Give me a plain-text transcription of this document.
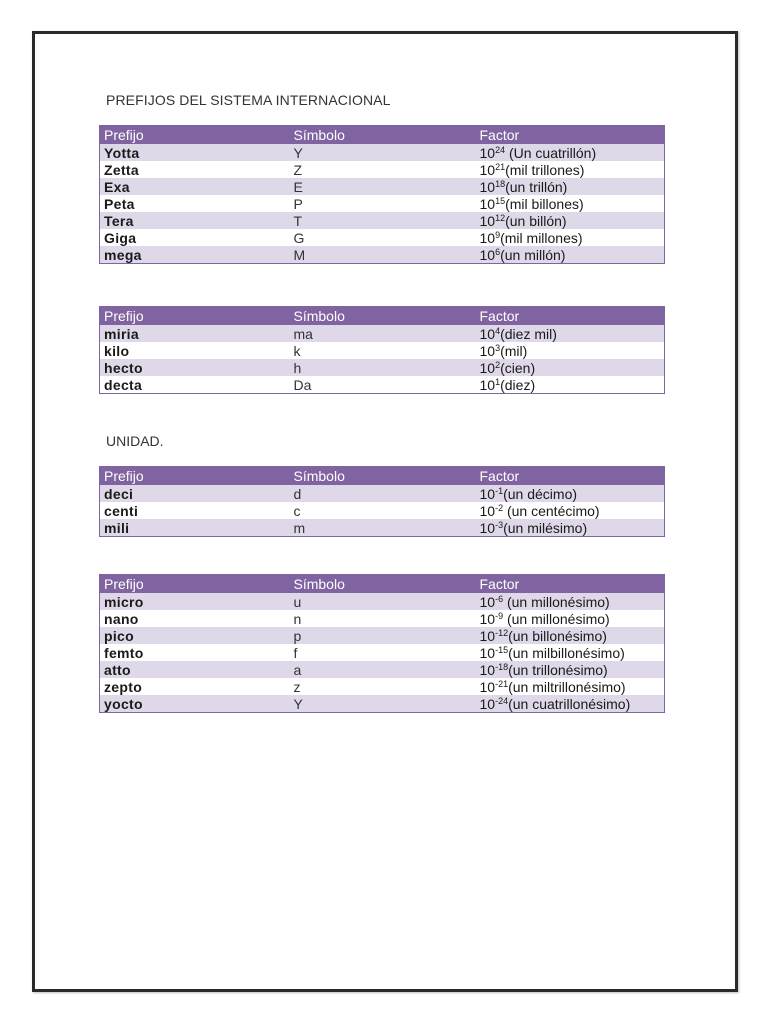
PREFIJOS DEL SISTEMA INTERNACIONAL
Prefijo	Símbolo	Factor
Yotta	Y	$10^{24}$ (Un cuatrillón)
Zetta	Z	$10^{21}(mil$ trillones)
Exa	E	$10^{18}(un$ trillón)
Peta	P	$10^{15}(mil$ billones)
Tera	T	$10^{12}(un$ billón)
Giga	G	$10^9(mil$ millones)
mega	M	$10^6(un$ millón)
Prefijo	Símbolo	Factor
miria	ma	$10^4(diez$ mil)
kilo	k	$10^3(mil)$
hecto	h	$10^2(cien)$
decta	Da	$10^1(diez)$
UNIDAD.
Prefijo	Símbolo	Factor
deci	d	$10^{-1}(un$ décimo)
centi	c	$10^{-2}$ (un centécimo)
mili	m	$10^{-3}(un$ milésimo)
Prefijo	Símbolo	Factor
micro	u	$10^{-6}$ (un millonésimo)
nano	n	$10^{-9}$ (un millonésimo)
pico	p	$10^{-12}(un$ billonésimo)
femto	f	$10^{-15}(un$ milbillonésimo)
atto	a	$10^{-18}(un$ trillonésimo)
zepto	z	$10^{-21}(un$ miltrillonésimo)
yocto	Y	$10^{-24}(un$ cuatrillonésimo)
